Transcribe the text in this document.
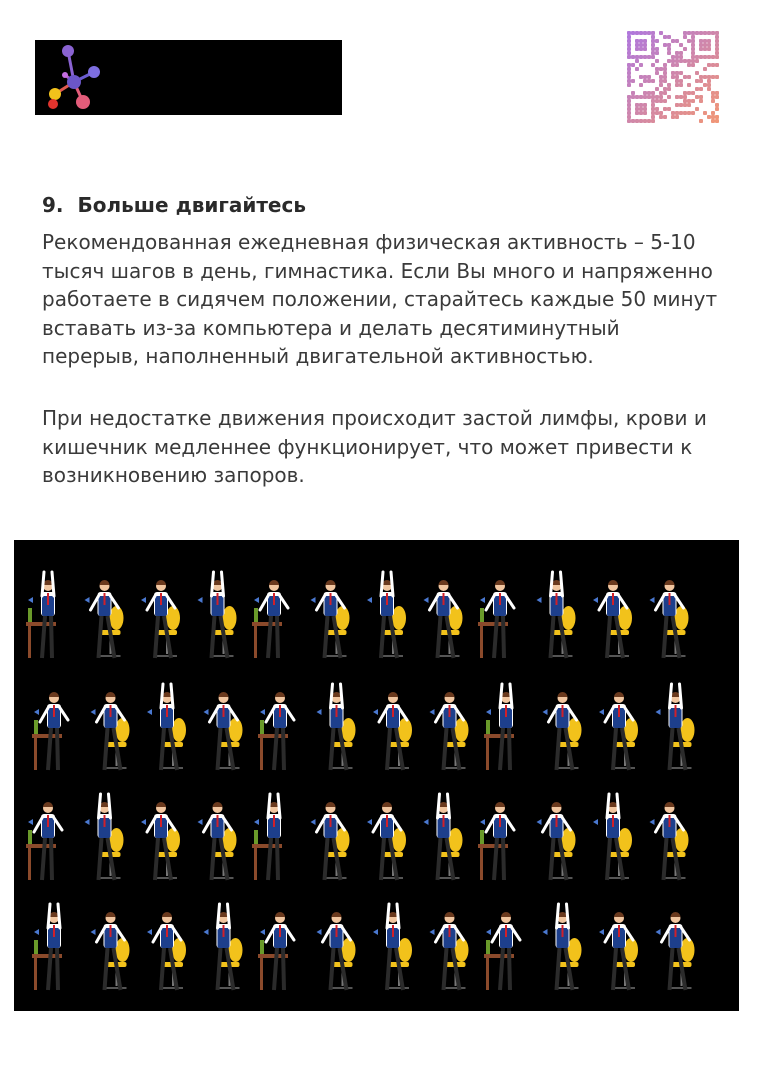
9. Больше двигайтесь

Рекомендованная ежедневная физическая активность – 5-10 тысяч шагов в день, гимнастика. Если Вы много и напряженно работаете в сидячем положении, старайтесь каждые 50 минут вставать из-за компьютера и делать десятиминутный перерыв, наполненный двигательной активностью.

При недостатке движения происходит застой лимфы, крови и кишечник медленнее функционирует, что может привести к возникновению запоров.
